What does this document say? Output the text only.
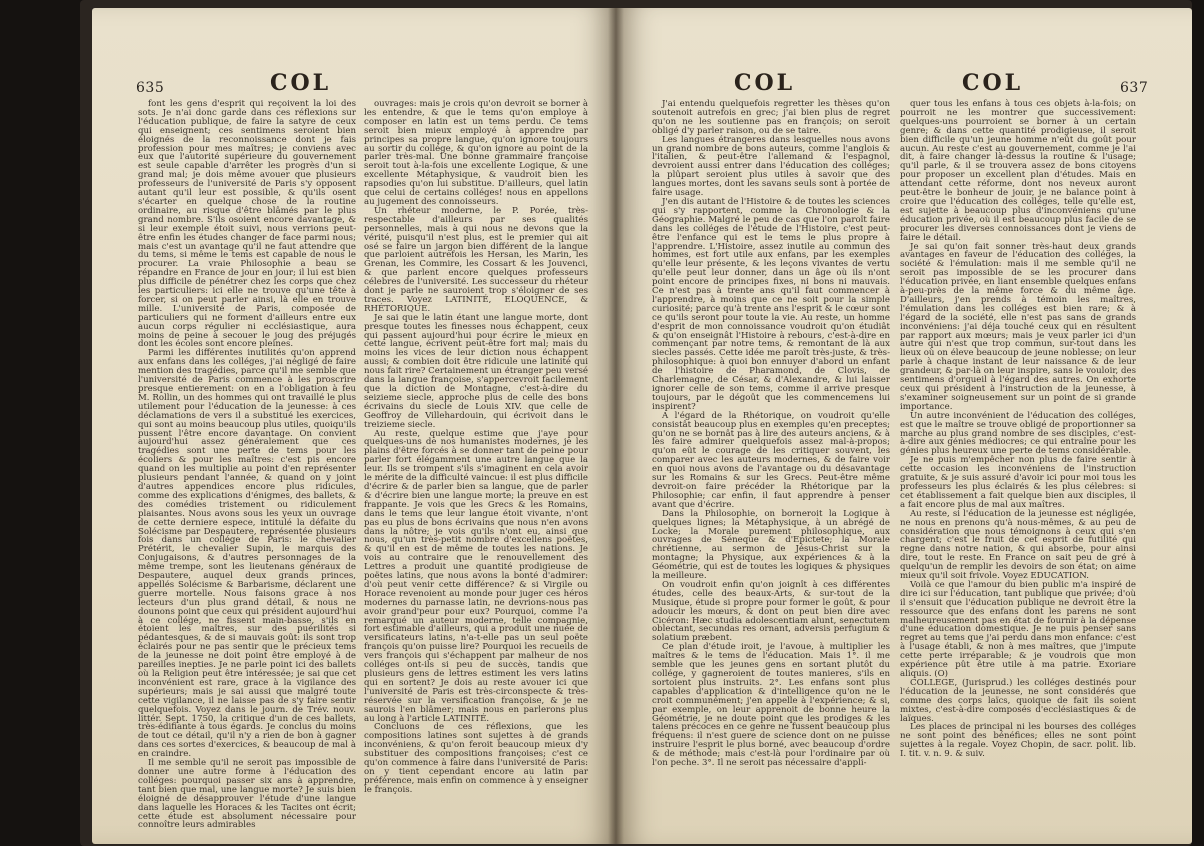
635	COL

font les gens d'esprit qui reçoivent la loi des sots. Je n'ai donc garde dans ces réflexions sur l'éducation publique, de faire la satyre de ceux qui enseignent; ces sentimens seroient bien éloignés de la reconnoissance dont je fais profession pour mes maîtres; je conviens avec eux que l'autorité supérieure du gouvernement est seule capable d'arrêter les progrès d'un si grand mal; je dois même avouer que plusieurs professeurs de l'université de Paris s'y opposent autant qu'il leur est possible, & qu'ils osent s'écarter en quelque chose de la routine ordinaire, au risque d'être blâmés par le plus grand nombre. S'ils osoient encore davantage, & si leur exemple étoit suivi, nous verrions peut-être enfin les études changer de face parmi nous; mais c'est un avantage qu'il ne faut attendre que du tems, si même le tems est capable de nous le procurer. La vraie Philosophie a beau se répandre en France de jour en jour; il lui est bien plus difficile de pénétrer chez les corps que chez les particuliers: ici elle ne trouve qu'une tête à forcer, si on peut parler ainsi, là elle en trouve mille. L'université de Paris, composée de particuliers qui ne forment d'ailleurs entre eux aucun corps régulier ni ecclésiastique, aura moins de peine à secouer le joug des préjugés dont les écoles sont encore pleines.

Parmi les différentes inutilités qu'on apprend aux enfans dans les colléges, j'ai négligé de faire mention des tragédies, parce qu'il me semble que l'université de Paris commence à les proscrire presque entierement: on en a l'obligation à feu M. Rollin, un des hommes qui ont travaillé le plus utilement pour l'éducation de la jeunesse: à ces déclamations de vers il a substitué les exercices, qui sont au moins beaucoup plus utiles, quoiqu'ils pussent l'être encore davantage. On convient aujourd'hui assez généralement que ces tragédies sont une perte de tems pour les écoliers & pour les maîtres: c'est pis encore quand on les multiplie au point d'en représenter plusieurs pendant l'année, & quand on y joint d'autres appendices encore plus ridicules, comme des explications d'énigmes, des ballets, & des comédies tristement ou ridiculement plaisantes. Nous avons sous les yeux un ouvrage de cette derniere espece, intitulé la défaite du Solécisme par Despautere, représentée plusieurs fois dans un collége de Paris: le chevalier Prétérit, le chevalier Supin, le marquis des Conjugaisons, & d'autres personnages de la même trempe, sont les lieutenans généraux de Despautere, auquel deux grands princes, appellés Solécisme & Barbarisme, déclarent une guerre mortelle. Nous faisons grace à nos lecteurs d'un plus grand détail, & nous ne dounons point que ceux qui président aujourd'hui à ce collége, ne fissent main-basse, s'ils en étoient les maîtres, sur des puérilités si pédantesques, & de si mauvais goût: ils sont trop éclairés pour ne pas sentir que le précieux tems de la jeunesse ne doit point être employé à de pareilles inepties. Je ne parle point ici des ballets où la Religion peut être intéressée; je sai que cet inconvénient est rare, grace à la vigilance des supérieurs; mais je sai aussi que malgré toute cette vigilance, il ne laisse pas de s'y faire sentir quelquefois. Voyez dans le journ. de Trév. nouv. littér. Sept. 1750, la critique d'un de ces ballets, très-édifiante à tous égards. Je conclus du moins de tout ce détail, qu'il n'y a rien de bon à gagner dans ces sortes d'exercices, & beaucoup de mal à en craindre.

Il me semble qu'il ne seroit pas impossible de donner une autre forme à l'éducation des colléges: pourquoi passer six ans à apprendre, tant bien que mal, une langue morte? Je suis bien éloigné de désapprouver l'étude d'une langue dans laquelle les Horaces & les Tacites ont écrit; cette étude est absolument nécessaire pour connoître leurs admirables

ouvrages: mais je crois qu'on devroit se borner à les entendre, & que le tems qu'on employe à composer en latin est un tems perdu. Ce tems seroit bien mieux employé à apprendre par principes sa propre langue, qu'on ignore toujours au sortir du collége, & qu'on ignore au point de la parler très-mal. Une bonne grammaire françoise seroit tout à-la-fois une excellente Logique, & une excellente Métaphysique, & vaudroit bien les rapsodies qu'on lui substitue. D'ailleurs, quel latin que celui de certains colléges! nous en appellons au jugement des connoisseurs.

Un rhéteur moderne, le P. Porée, très-respectable d'ailleurs par ses qualités personnelles, mais à qui nous ne devons que la vérité, puisqu'il n'est plus, est le premier qui ait osé se faire un jargon bien différent de la langue que parloient autrefois les Hersan, les Marin, les Grenan, les Commire, les Cossart & les Jouvenci, & que parlent encore quelques professeurs célebres de l'université. Les successeur du rhéteur dont je parle ne sauroient trop s'éloigner de ses traces. Voyez LATINITÉ, ELOQUENCE, & RHÉTORIQUE.

Je sai que le latin étant une langue morte, dont presque toutes les finesses nous échappent, ceux qui passent aujourd'hui pour écrire le mieux en cette langue, écrivent peut-être fort mal; mais du moins les vices de leur diction nous échappent aussi; & combien doit être ridicule une latinité qui nous fait rire? Certainement un étranger peu versé dans la langue françoise, s'appercevroit facilement que la diction de Montagne, c'est-à-dire du seizieme siecle, approche plus de celle des bons écrivains du siecle de Louis XIV. que celle de Geoffroy de Villehardouin, qui écrivoit dans le treizieme siecle.

Au reste, quelque estime que j'aye pour quelques-uns de nos humanistes modernes, je les plains d'être forcés à se donner tant de peine pour parler fort élégamment une autre langue que la leur. Ils se trompent s'ils s'imaginent en cela avoir le mérite de la difficulté vaincue: il est plus difficile d'écrire & de parler bien sa langue, que de parler & d'écrire bien une langue morte; la preuve en est frappante. Je vois que les Grecs & les Romains, dans le tems que leur langue étoit vivante, n'ont pas eu plus de bons écrivains que nous n'en avons dans la nôtre; je vois qu'ils n'ont eu, ainsi que nous, qu'un très-petit nombre d'excellens poëtes, & qu'il en est de même de toutes les nations. Je vois au contraire que le renouvellement des Lettres a produit une quantité prodigieuse de poëtes latins, que nous avons la bonté d'admirer: d'où peut venir cette différence? & si Virgile ou Horace revenoient au monde pour juger ces héros modernes du parnasse latin, ne devrions-nous pas avoir grand'peur pour eux? Pourquoi, comme l'a remarqué un auteur moderne, telle compagnie, fort estimable d'ailleurs, qui a produit une nuée de versificateurs latins, n'a-t-elle pas un seul poëte françois qu'on puisse lire? Pourquoi les recueils de vers françois qui s'échappent par malheur de nos colléges ont-ils si peu de succès, tandis que plusieurs gens de lettres estiment les vers latins qui en sortent? Je dois au reste avouer ici que l'université de Paris est très-circonspecte & très-réservée sur la versification françoise, & je ne saurois l'en blâmer; mais nous en parlerons plus au long à l'article LATINITÉ.

Concluons de ces réflexions, que les compositions latines sont sujettes à de grands inconvéniens, & qu'on feroit beaucoup mieux d'y substituer des compositions françoises; c'est ce qu'on commence à faire dans l'université de Paris: on y tient cependant encore au latin par préférence, mais enfin on commence à y enseigner le françois.

COL	COL	637

J'ai entendu quelquefois regretter les thèses qu'on soutenoit autrefois en grec; j'ai bien plus de regret qu'on ne les soutienne pas en françois; on seroit obligé d'y parler raison, ou de se taire.

Les langues étrangeres dans lesquelles nous avons un grand nombre de bons auteurs, comme l'anglois & l'italien, & peut-être l'allemand & l'espagnol, devroient aussi entrer dans l'éducation des colléges; la plûpart seroient plus utiles à savoir que des langues mortes, dont les savans seuls sont à portée de faire usage.

J'en dis autant de l'Histoire & de toutes les sciences qui s'y rapportent, comme la Chronologie & la Géographie. Malgré le peu de cas que l'on paroît faire dans les colléges de l'étude de l'Histoire, c'est peut-être l'enfance qui est le tems le plus propre à l'apprendre. L'Histoire, assez inutile au commun des hommes, est fort utile aux enfans, par les exemples qu'elle leur présente, & les leçons vivantes de vertu qu'elle peut leur donner, dans un âge où ils n'ont point encore de principes fixes, ni bons ni mauvais. Ce n'est pas à trente ans qu'il faut commencer à l'apprendre, à moins que ce ne soit pour la simple curiosité; parce qu'à trente ans l'esprit & le cœur sont ce qu'ils seront pour toute la vie. Au reste, un homme d'esprit de mon connoissance voudroit qu'on étudiât & qu'on enseignât l'Histoire à rebours, c'est-à-dire en commençant par notre tems, & remontant de là aux siecles passés. Cette idée me paroît très-juste, & très-philosophique: à quoi bon ennuyer d'abord un enfant de l'histoire de Pharamond, de Clovis, de Charlemagne, de César, & d'Alexandre, & lui laisser ignorer celle de son tems, comme il arrive presque toujours, par le dégoût que les commencemens lui inspirent?

A l'égard de la Rhétorique, on voudroit qu'elle consistât beaucoup plus en exemples qu'en preceptes; qu'on ne se bornât pas à lire des auteurs anciens, & à les faire admirer quelquefois assez mal-à-propos; qu'on eût le courage de les critiquer souvent, les comparer avec les auteurs modernes, & de faire voir en quoi nous avons de l'avantage ou du désavantage sur les Romains & sur les Grecs. Peut-être même devroit-on faire précéder la Rhétorique par la Philosophie; car enfin, il faut apprendre à penser avant que d'écrire.

Dans la Philosophie, on borneroit la Logique à quelques lignes; la Métaphysique, à un abrégé de Locke; la Morale purement philosophique, aux ouvrages de Séneque & d'Epictete; la Morale chrétienne, au sermon de Jésus-Christ sur la montagne; la Physique, aux expériences & à la Géométrie, qui est de toutes les logiques & physiques la meilleure.

On voudroit enfin qu'on joignît à ces différentes études, celle des beaux-Arts, & sur-tout de la Musique, étude si propre pour former le goût, & pour adoucir les mœurs, & dont on peut bien dire avec Cicéron: Hæc studia adolescentiam alunt, senectutem oblectant, secundas res ornant, adversis perfugium & solatium præbent.

Ce plan d'étude iroit, je l'avoue, à multiplier les maîtres & le tems de l'éducation. Mais 1°. il me semble que les jeunes gens en sortant plutôt du collége, y gagneroient de toutes manieres, s'ils en sortoient plus instruits. 2°. Les enfans sont plus capables d'application & d'intelligence qu'on ne le croit communément; j'en appelle à l'expérience; & si, par exemple, on leur apprenoit de bonne heure la Géométrie, je ne doute point que les prodiges & les talens précoces en ce genre ne fussent beaucoup plus fréquens: il n'est guere de science dont on ne puisse instruire l'esprit le plus borné, avec beaucoup d'ordre & de méthode; mais c'est-là pour l'ordinaire par où l'on peche. 3°. Il ne seroit pas nécessaire d'appli-

quer tous les enfans à tous ces objets à-la-fois; on pourroit ne les montrer que successivement: quelques-uns pourroient se borner à un certain genre; & dans cette quantité prodigieuse, il seroit bien difficile qu'un jeune homme n'eût du goût pour aucun. Au reste c'est au gouvernement, comme je l'ai dit, à faire changer là-dessus la routine & l'usage; qu'il parle, & il se trouvera assez de bons citoyens pour proposer un excellent plan d'études. Mais en attendant cette réforme, dont nos neveux auront peut-être le bonheur de jouir, je ne balance point à croire que l'éducation des colléges, telle qu'elle est, est sujette à beaucoup plus d'inconvéniens qu'une éducation privée, où il est beaucoup plus facile de se procurer les diverses connoissances dont je viens de faire le détail.

Je sai qu'on fait sonner très-haut deux grands avantages en faveur de l'éducation des colléges, la société & l'émulation: mais il me semble qu'il ne seroit pas impossible de se les procurer dans l'éducation privée, en liant ensemble quelques enfans à-peu-près de la même force & du même âge. D'ailleurs, j'en prends à témoin les maîtres, l'émulation dans les colléges est bien rare; & à l'égard de la société, elle n'est pas sans de grands inconvéniens: j'ai déja touché ceux qui en résultent par rapport aux mœurs; mais je veux parler ici d'un autre qui n'est que trop commun, sur-tout dans les lieux où on éleve beaucoup de jeune noblesse; on leur parle à chaque instant de leur naissance & de leur grandeur, & par-là on leur inspire, sans le vouloir, des sentimens d'orgueil à l'égard des autres. On exhorte ceux qui président à l'instruction de la jeunesse, à s'examiner soigneusement sur un point de si grande importance.

Un autre inconvénient de l'éducation des colléges, est que le maître se trouve obligé de proportionner sa marche au plus grand nombre de ses disciples, c'est-à-dire aux génies médiocres; ce qui entraîne pour les génies plus heureux une perte de tems considérable.

Je ne puis m'empêcher non plus de faire sentir à cette occasion les inconvéniens de l'instruction gratuite, & je suis assuré d'avoir ici pour moi tous les professeurs les plus éclairés & les plus célebres: si cet établissement a fait quelque bien aux disciples, il a fait encore plus de mal aux maîtres.

Au reste, si l'éducation de la jeunesse est négligée, ne nous en prenons qu'à nous-mêmes, & au peu de considération que nous témoignons à ceux qui s'en chargent; c'est le fruit de cet esprit de futilité qui regne dans notre nation, & qui absorbe, pour ainsi dire, tout le reste. En France on sait peu de gré à quelqu'un de remplir les devoirs de son état; on aime mieux qu'il soit frivole. Voyez EDUCATION.

Voilà ce que l'amour du bien public m'a inspiré de dire ici sur l'éducation, tant publique que privée; d'où il s'ensuit que l'éducation publique ne devroit être la ressource que des enfans dont les parens ne sont malheureusement pas en état de fournir à la dépense d'une éducation domestique. Je ne puis penser sans regret au tems que j'ai perdu dans mon enfance: c'est à l'usage établi, & non à mes maîtres, que j'impute cette perte irréparable; & je voudrois que mon expérience pût être utile à ma patrie. Exoriare aliquis. (O)

COLLEGE, (Jurisprud.) les colléges destinés pour l'éducation de la jeunesse, ne sont considérés que comme des corps laïcs, quoique de fait ils soient mixtes, c'est-à-dire composés d'ecclésiastiques & de laïques.

Les places de principal ni les bourses des colléges ne sont point des bénéfices; elles ne sont point sujettes à la regale. Voyez Chopin, de sacr. polit. lib. I. tit. v. n. 9. & suiv.
